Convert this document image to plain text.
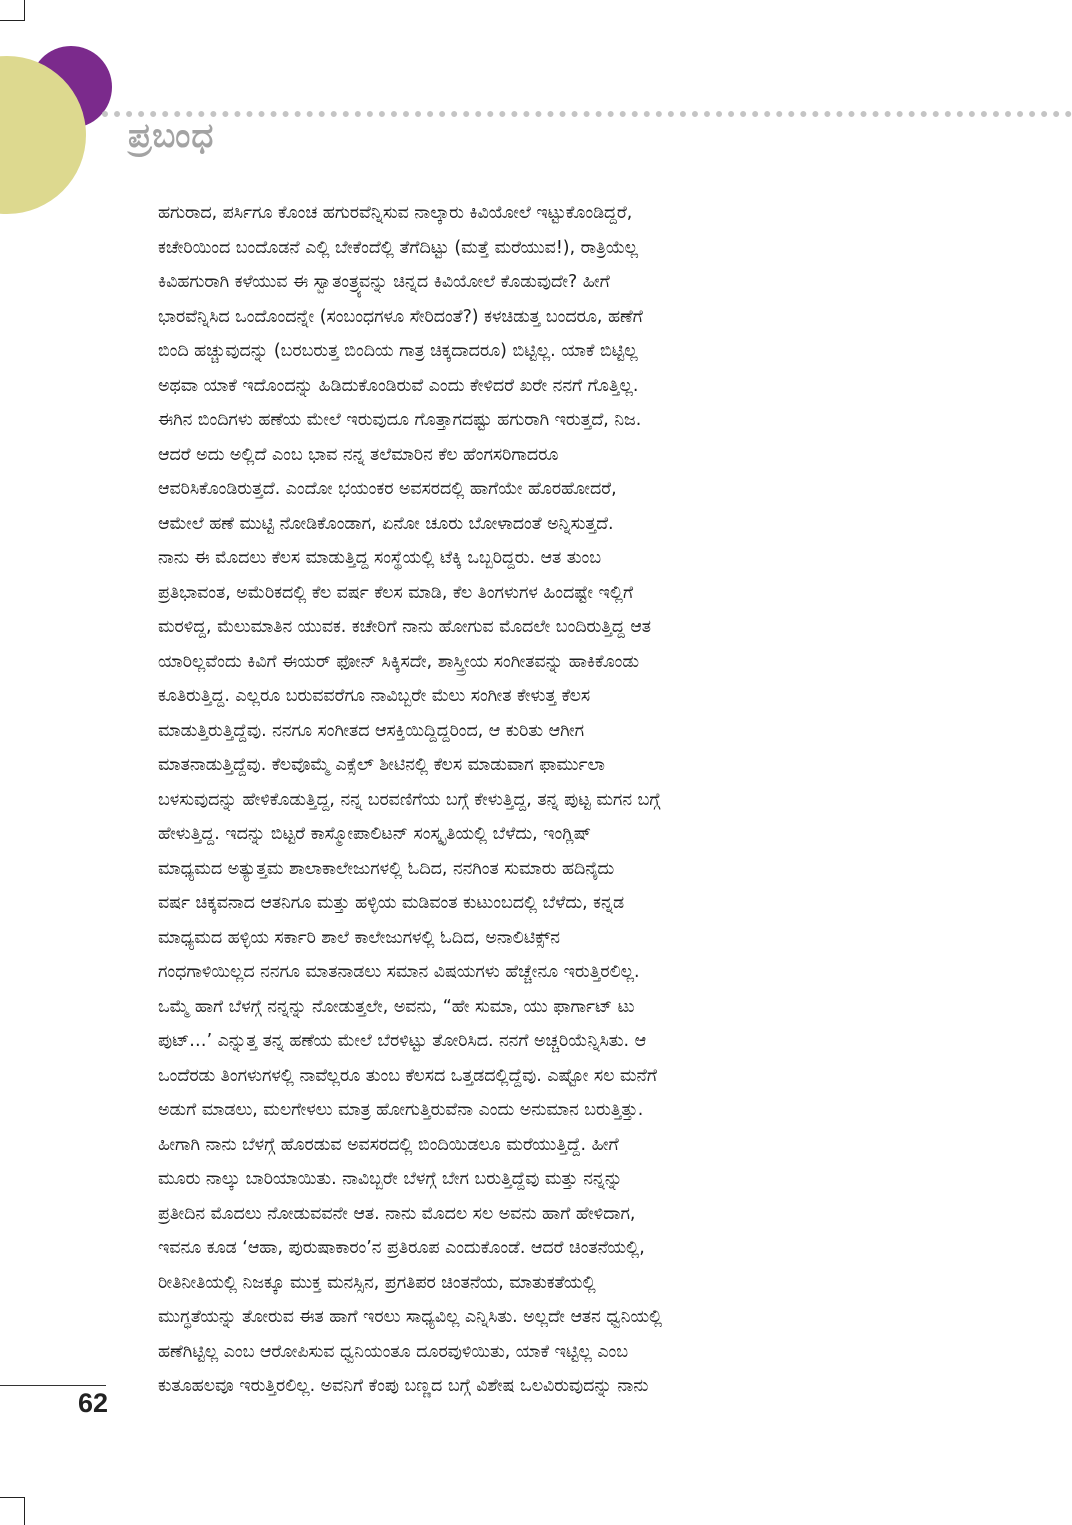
ಪ್ರಬಂಧ
ಹಗುರಾದ, ಪರ್ಸಿಗೂ ಕೊಂಚ ಹಗುರವೆನ್ನಿಸುವ ನಾಲ್ಕಾರು ಕಿವಿಯೋಲೆ ಇಟ್ಟುಕೊಂಡಿದ್ದರೆ,
ಕಚೇರಿಯಿಂದ ಬಂದೊಡನೆ ಎಲ್ಲಿ ಬೇಕೆಂದೆಲ್ಲಿ ತೆಗೆದಿಟ್ಟು (ಮತ್ತೆ ಮರೆಯುವ!), ರಾತ್ರಿಯೆಲ್ಲ
ಕಿವಿಹಗುರಾಗಿ ಕಳೆಯುವ ಈ ಸ್ವಾತಂತ್ರ್ಯವನ್ನು ಚಿನ್ನದ ಕಿವಿಯೋಲೆ ಕೊಡುವುದೇ? ಹೀಗೆ
ಭಾರವೆನ್ನಿಸಿದ ಒಂದೊಂದನ್ನೇ (ಸಂಬಂಧಗಳೂ ಸೇರಿದಂತೆ?) ಕಳಚಿಡುತ್ತ ಬಂದರೂ, ಹಣೆಗೆ
ಬಿಂದಿ ಹಚ್ಚುವುದನ್ನು (ಬರಬರುತ್ತ ಬಿಂದಿಯ ಗಾತ್ರ ಚಿಕ್ಕದಾದರೂ) ಬಿಟ್ಟಿಲ್ಲ. ಯಾಕೆ ಬಿಟ್ಟಿಲ್ಲ
ಅಥವಾ ಯಾಕೆ ಇದೊಂದನ್ನು ಹಿಡಿದುಕೊಂಡಿರುವೆ ಎಂದು ಕೇಳಿದರೆ ಖರೇ ನನಗೆ ಗೊತ್ತಿಲ್ಲ.
ಈಗಿನ ಬಿಂದಿಗಳು ಹಣೆಯ ಮೇಲೆ ಇರುವುದೂ ಗೊತ್ತಾಗದಷ್ಟು ಹಗುರಾಗಿ ಇರುತ್ತದೆ, ನಿಜ.
ಆದರೆ ಅದು ಅಲ್ಲಿದೆ ಎಂಬ ಭಾವ ನನ್ನ ತಲೆಮಾರಿನ ಕೆಲ ಹೆಂಗಸರಿಗಾದರೂ
ಆವರಿಸಿಕೊಂಡಿರುತ್ತದೆ. ಎಂದೋ ಭಯಂಕರ ಅವಸರದಲ್ಲಿ ಹಾಗೆಯೇ ಹೊರಹೋದರೆ,
ಆಮೇಲೆ ಹಣೆ ಮುಟ್ಟಿ ನೋಡಿಕೊಂಡಾಗ, ಏನೋ ಚೂರು ಬೋಳಾದಂತೆ ಅನ್ನಿಸುತ್ತದೆ.
ನಾನು ಈ ಮೊದಲು ಕೆಲಸ ಮಾಡುತ್ತಿದ್ದ ಸಂಸ್ಥೆಯಲ್ಲಿ ಟೆಕ್ಕಿ ಒಬ್ಬರಿದ್ದರು. ಆತ ತುಂಬ
ಪ್ರತಿಭಾವಂತ, ಅಮೆರಿಕದಲ್ಲಿ ಕೆಲ ವರ್ಷ ಕೆಲಸ ಮಾಡಿ, ಕೆಲ ತಿಂಗಳುಗಳ ಹಿಂದಷ್ಟೇ ಇಲ್ಲಿಗೆ
ಮರಳಿದ್ದ, ಮೆಲುಮಾತಿನ ಯುವಕ. ಕಚೇರಿಗೆ ನಾನು ಹೋಗುವ ಮೊದಲೇ ಬಂದಿರುತ್ತಿದ್ದ ಆತ
ಯಾರಿಲ್ಲವೆಂದು ಕಿವಿಗೆ ಈಯರ್ ಫೋನ್ ಸಿಕ್ಕಿಸದೇ, ಶಾಸ್ತ್ರೀಯ ಸಂಗೀತವನ್ನು ಹಾಕಿಕೊಂಡು
ಕೂತಿರುತ್ತಿದ್ದ. ಎಲ್ಲರೂ ಬರುವವರೆಗೂ ನಾವಿಬ್ಬರೇ ಮೆಲು ಸಂಗೀತ ಕೇಳುತ್ತ ಕೆಲಸ
ಮಾಡುತ್ತಿರುತ್ತಿದ್ದೆವು. ನನಗೂ ಸಂಗೀತದ ಆಸಕ್ತಿಯಿದ್ದಿದ್ದರಿಂದ, ಆ ಕುರಿತು ಆಗೀಗ
ಮಾತನಾಡುತ್ತಿದ್ದೆವು. ಕೆಲವೊಮ್ಮೆ ಎಕ್ಸೆಲ್ ಶೀಟಿನಲ್ಲಿ ಕೆಲಸ ಮಾಡುವಾಗ ಫಾರ್ಮುಲಾ
ಬಳಸುವುದನ್ನು ಹೇಳಿಕೊಡುತ್ತಿದ್ದ, ನನ್ನ ಬರವಣಿಗೆಯ ಬಗ್ಗೆ ಕೇಳುತ್ತಿದ್ದ, ತನ್ನ ಪುಟ್ಟ ಮಗನ ಬಗ್ಗೆ
ಹೇಳುತ್ತಿದ್ದ. ಇದನ್ನು ಬಿಟ್ಟರೆ ಕಾಸ್ಮೋಪಾಲಿಟನ್ ಸಂಸ್ಕೃತಿಯಲ್ಲಿ ಬೆಳೆದು, ಇಂಗ್ಲಿಷ್
ಮಾಧ್ಯಮದ ಅತ್ಯುತ್ತಮ ಶಾಲಾಕಾಲೇಜುಗಳಲ್ಲಿ ಓದಿದ, ನನಗಿಂತ ಸುಮಾರು ಹದಿನೈದು
ವರ್ಷ ಚಿಕ್ಕವನಾದ ಆತನಿಗೂ ಮತ್ತು ಹಳ್ಳಿಯ ಮಡಿವಂತ ಕುಟುಂಬದಲ್ಲಿ ಬೆಳೆದು, ಕನ್ನಡ
ಮಾಧ್ಯಮದ ಹಳ್ಳಿಯ ಸರ್ಕಾರಿ ಶಾಲೆ ಕಾಲೇಜುಗಳಲ್ಲಿ ಓದಿದ, ಅನಾಲಿಟಿಕ್ಸ್‌ನ
ಗಂಧಗಾಳಿಯಿಲ್ಲದ ನನಗೂ ಮಾತನಾಡಲು ಸಮಾನ ವಿಷಯಗಳು ಹೆಚ್ಚೇನೂ ಇರುತ್ತಿರಲಿಲ್ಲ.
ಒಮ್ಮೆ ಹಾಗೆ ಬೆಳಗ್ಗೆ ನನ್ನನ್ನು ನೋಡುತ್ತಲೇ, ಅವನು, “ಹೇ ಸುಮಾ, ಯು ಫಾರ್ಗಾಟ್ ಟು
ಪುಟ್…’ ಎನ್ನುತ್ತ ತನ್ನ ಹಣೆಯ ಮೇಲೆ ಬೆರಳಿಟ್ಟು ತೋರಿಸಿದ. ನನಗೆ ಅಚ್ಚರಿಯೆನ್ನಿಸಿತು. ಆ
ಒಂದೆರಡು ತಿಂಗಳುಗಳಲ್ಲಿ ನಾವೆಲ್ಲರೂ ತುಂಬ ಕೆಲಸದ ಒತ್ತಡದಲ್ಲಿದ್ದೆವು. ಎಷ್ಟೋ ಸಲ ಮನೆಗೆ
ಅಡುಗೆ ಮಾಡಲು, ಮಲಗೇಳಲು ಮಾತ್ರ ಹೋಗುತ್ತಿರುವೆನಾ ಎಂದು ಅನುಮಾನ ಬರುತ್ತಿತ್ತು.
ಹೀಗಾಗಿ ನಾನು ಬೆಳಗ್ಗೆ ಹೊರಡುವ ಅವಸರದಲ್ಲಿ ಬಿಂದಿಯಿಡಲೂ ಮರೆಯುತ್ತಿದ್ದೆ. ಹೀಗೆ
ಮೂರು ನಾಲ್ಕು ಬಾರಿಯಾಯಿತು. ನಾವಿಬ್ಬರೇ ಬೆಳಗ್ಗೆ ಬೇಗ ಬರುತ್ತಿದ್ದೆವು ಮತ್ತು ನನ್ನನ್ನು
ಪ್ರತೀದಿನ ಮೊದಲು ನೋಡುವವನೇ ಆತ. ನಾನು ಮೊದಲ ಸಲ ಅವನು ಹಾಗೆ ಹೇಳಿದಾಗ,
ಇವನೂ ಕೂಡ ‘ಆಹಾ, ಪುರುಷಾಕಾರಂ’ನ ಪ್ರತಿರೂಪ ಎಂದುಕೊಂಡೆ. ಆದರೆ ಚಿಂತನೆಯಲ್ಲಿ,
ರೀತಿನೀತಿಯಲ್ಲಿ ನಿಜಕ್ಕೂ ಮುಕ್ತ ಮನಸ್ಸಿನ, ಪ್ರಗತಿಪರ ಚಿಂತನೆಯ, ಮಾತುಕತೆಯಲ್ಲಿ
ಮುಗ್ಧತೆಯನ್ನು ತೋರುವ ಈತ ಹಾಗೆ ಇರಲು ಸಾಧ್ಯವಿಲ್ಲ ಎನ್ನಿಸಿತು. ಅಲ್ಲದೇ ಆತನ ಧ್ವನಿಯಲ್ಲಿ
ಹಣೆಗಿಟ್ಟಿಲ್ಲ ಎಂಬ ಆರೋಪಿಸುವ ಧ್ವನಿಯಂತೂ ದೂರವುಳಿಯಿತು, ಯಾಕೆ ಇಟ್ಟಿಲ್ಲ ಎಂಬ
ಕುತೂಹಲವೂ ಇರುತ್ತಿರಲಿಲ್ಲ. ಅವನಿಗೆ ಕೆಂಪು ಬಣ್ಣದ ಬಗ್ಗೆ ವಿಶೇಷ ಒಲವಿರುವುದನ್ನು ನಾನು
62
